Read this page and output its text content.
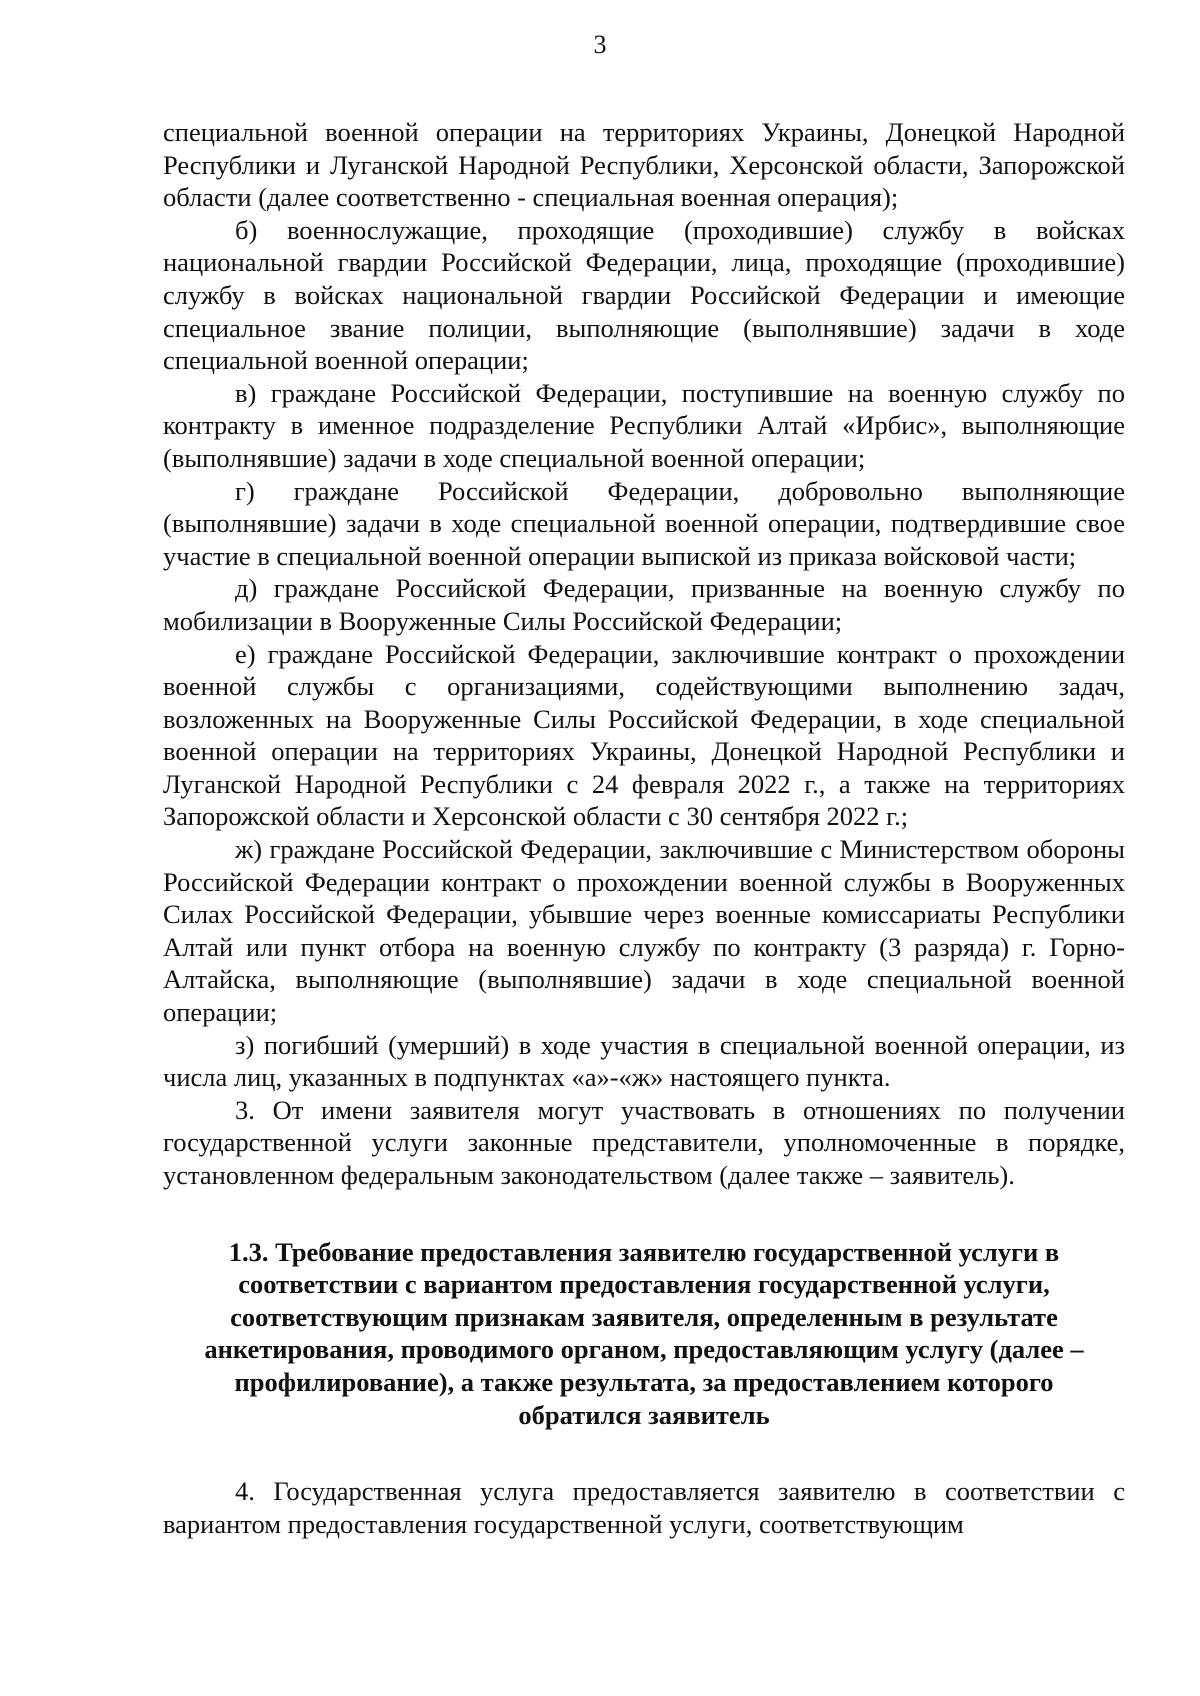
3

специальной военной операции на территориях Украины, Донецкой Народной Республики и Луганской Народной Республики, Херсонской области, Запорожской области (далее соответственно - специальная военная операция);

б) военнослужащие, проходящие (проходившие) службу в войсках национальной гвардии Российской Федерации, лица, проходящие (проходившие) службу в войсках национальной гвардии Российской Федерации и имеющие специальное звание полиции, выполняющие (выполнявшие) задачи в ходе специальной военной операции;

в) граждане Российской Федерации, поступившие на военную службу по контракту в именное подразделение Республики Алтай «Ирбис», выполняющие (выполнявшие) задачи в ходе специальной военной операции;

г) граждане Российской Федерации, добровольно выполняющие (выполнявшие) задачи в ходе специальной военной операции, подтвердившие свое участие в специальной военной операции выпиской из приказа войсковой части;

д) граждане Российской Федерации, призванные на военную службу по мобилизации в Вооруженные Силы Российской Федерации;

е) граждане Российской Федерации, заключившие контракт о прохождении военной службы с организациями, содействующими выполнению задач, возложенных на Вооруженные Силы Российской Федерации, в ходе специальной военной операции на территориях Украины, Донецкой Народной Республики и Луганской Народной Республики с 24 февраля 2022 г., а также на территориях Запорожской области и Херсонской области с 30 сентября 2022 г.;

ж) граждане Российской Федерации, заключившие с Министерством обороны Российской Федерации контракт о прохождении военной службы в Вооруженных Силах Российской Федерации, убывшие через военные комиссариаты Республики Алтай или пункт отбора на военную службу по контракту (3 разряда) г. Горно-Алтайска, выполняющие (выполнявшие) задачи в ходе специальной военной операции;

з) погибший (умерший) в ходе участия в специальной военной операции, из числа лиц, указанных в подпунктах «а»-«ж» настоящего пункта.

3. От имени заявителя могут участвовать в отношениях по получении государственной услуги законные представители, уполномоченные в порядке, установленном федеральным законодательством (далее также – заявитель).

1.3. Требование предоставления заявителю государственной услуги в соответствии с вариантом предоставления государственной услуги, соответствующим признакам заявителя, определенным в результате анкетирования, проводимого органом, предоставляющим услугу (далее – профилирование), а также результата, за предоставлением которого обратился заявитель

4. Государственная услуга предоставляется заявителю в соответствии с вариантом предоставления государственной услуги, соответствующим
